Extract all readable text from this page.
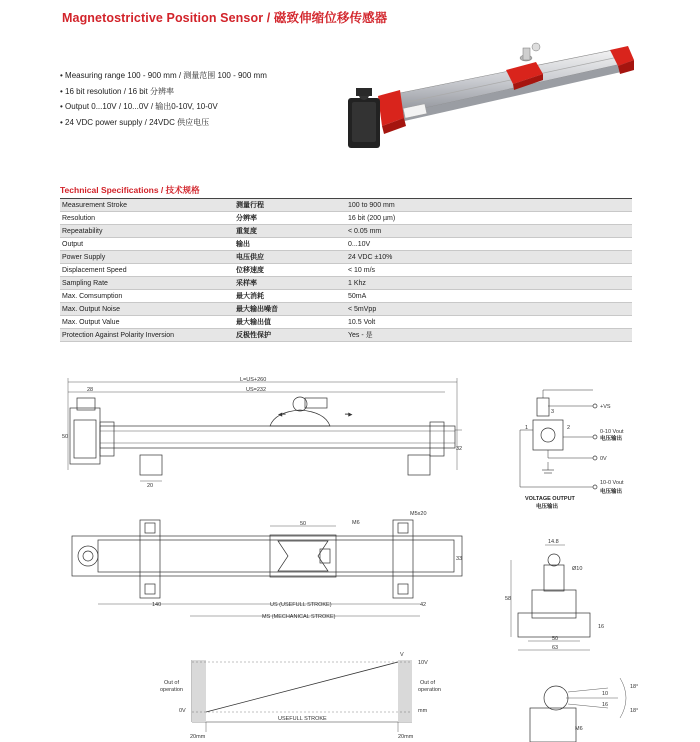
Magnetostrictive Position Sensor / 磁致伸缩位移传感器
• Measuring range 100 - 900 mm / 测量范围 100 - 900 mm
• 16 bit resolution / 16 bit 分辨率
• Output 0...10V / 10...0V / 输出0-10V, 10-0V
• 24 VDC power supply / 24VDC 供应电压
Technical Specifications / 技术规格
Measurement Stroke	测量行程	100 to 900 mm
Resolution	分辨率	16 bit (200 µm)
Repeatability	重复度	< 0.05 mm
Output	输出	0...10V
Power Supply	电压供应	24 VDC ±10%
Displacement Speed	位移速度	< 10 m/s
Sampling Rate	采样率	1 Khz
Max. Comsumption	最大消耗	50mA
Max. Output Noise	最大输出噪音	< 5mVpp
Max. Output Value	最大输出值	10.5 Volt
Protection Against Polarity Inversion	反极性保护	Yes - 是
L=US+260
US=232
28
50
32
◀━	━▶
20
50	M6
M5x20
33
140	US (USEFULL STROKE)	42
MS (MECHANICAL STROKE)
1	2
3
+VS
0-10 Vout
电压输出
0V
10-0 Vout
电压输出
VOLTAGE OUTPUT
电压输出
14.8
Ø10
58
16
50
63
10
16
18°
18°
M6
V
10V
0V	mm
Out of
operation
Out of
operation
USEFULL STROKE
20mm	20mm
